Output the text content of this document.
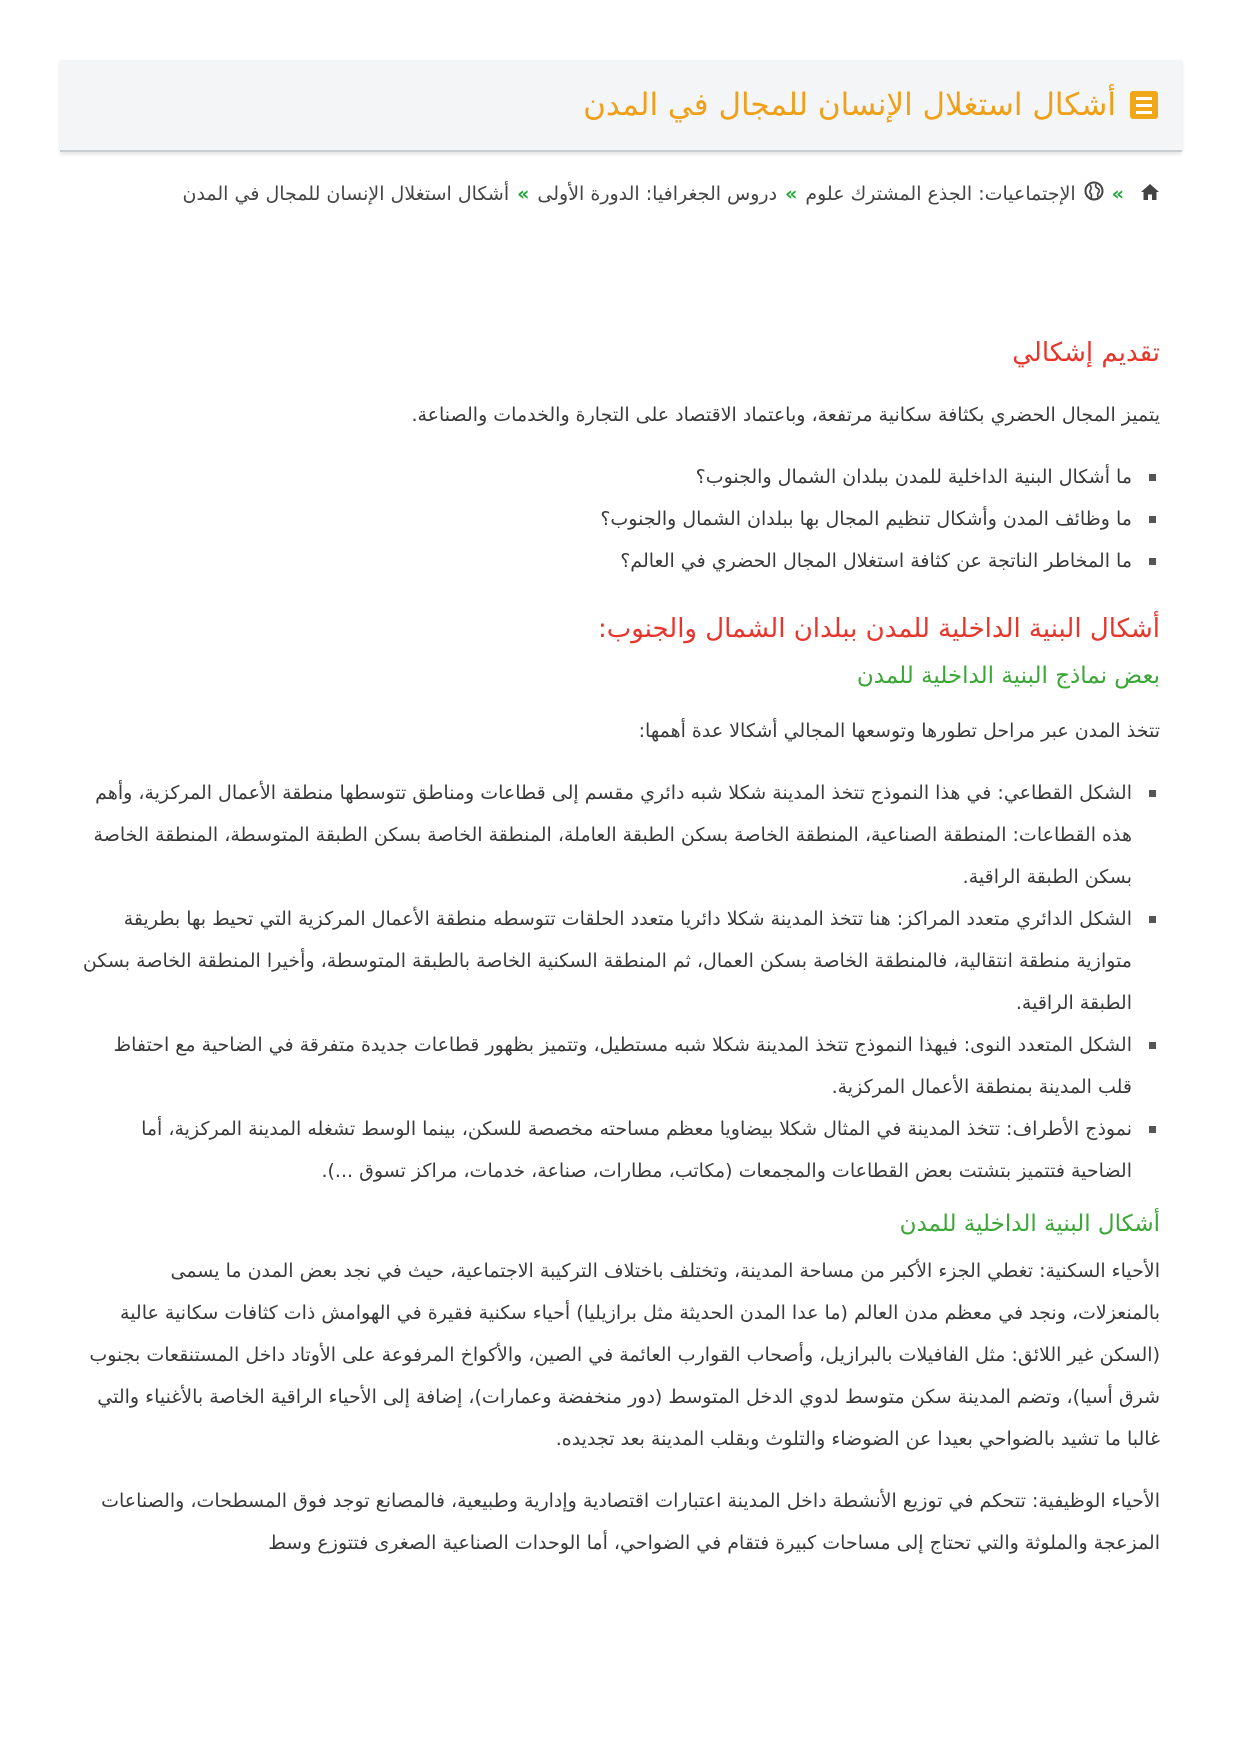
أشكال استغلال الإنسان للمجال في المدن
»الإجتماعيات: الجذع المشترك علوم»دروس الجغرافيا: الدورة الأولى»أشكال استغلال الإنسان للمجال في المدن
تقديم إشكالي

يتميز المجال الحضري بكثافة سكانية مرتفعة، وباعتماد الاقتصاد على التجارة والخدمات والصناعة.

ما أشكال البنية الداخلية للمدن ببلدان الشمال والجنوب؟
ما وظائف المدن وأشكال تنظيم المجال بها ببلدان الشمال والجنوب؟
ما المخاطر الناتجة عن كثافة استغلال المجال الحضري في العالم؟
أشكال البنية الداخلية للمدن ببلدان الشمال والجنوب:
بعض نماذج البنية الداخلية للمدن

تتخذ المدن عبر مراحل تطورها وتوسعها المجالي أشكالا عدة أهمها:

الشكل القطاعي: في هذا النموذج تتخذ المدينة شكلا شبه دائري مقسم إلى قطاعات ومناطق تتوسطها منطقة الأعمال المركزية، وأهم هذه القطاعات: المنطقة الصناعية، المنطقة الخاصة بسكن الطبقة العاملة، المنطقة الخاصة بسكن الطبقة المتوسطة، المنطقة الخاصة بسكن الطبقة الراقية.
الشكل الدائري متعدد المراكز: هنا تتخذ المدينة شكلا دائريا متعدد الحلقات تتوسطه منطقة الأعمال المركزية التي تحيط بها بطريقة متوازية منطقة انتقالية، فالمنطقة الخاصة بسكن العمال، ثم المنطقة السكنية الخاصة بالطبقة المتوسطة، وأخيرا المنطقة الخاصة بسكن الطبقة الراقية.
الشكل المتعدد النوى: فيهذا النموذج تتخذ المدينة شكلا شبه مستطيل، وتتميز بظهور قطاعات جديدة متفرقة في الضاحية مع احتفاظ قلب المدينة بمنطقة الأعمال المركزية.
نموذج الأطراف: تتخذ المدينة في المثال شكلا بيضاويا معظم مساحته مخصصة للسكن، بينما الوسط تشغله المدينة المركزية، أما الضاحية فتتميز بتشتت بعض القطاعات والمجمعات (مكاتب، مطارات، صناعة، خدمات، مراكز تسوق ...).
أشكال البنية الداخلية للمدن

الأحياء السكنية: تغطي الجزء الأكبر من مساحة المدينة، وتختلف باختلاف التركيبة الاجتماعية، حيث في نجد بعض المدن ما يسمى بالمنعزلات، ونجد في معظم مدن العالم (ما عدا المدن الحديثة مثل برازيليا) أحياء سكنية فقيرة في الهوامش ذات كثافات سكانية عالية (السكن غير اللائق: مثل الفافيلات بالبرازيل، وأصحاب القوارب العائمة في الصين، والأكواخ المرفوعة على الأوتاد داخل المستنقعات بجنوب شرق أسيا)، وتضم المدينة سكن متوسط لدوي الدخل المتوسط (دور منخفضة وعمارات)، إضافة إلى الأحياء الراقية الخاصة بالأغنياء والتي غالبا ما تشيد بالضواحي بعيدا عن الضوضاء والتلوث وبقلب المدينة بعد تجديده.

الأحياء الوظيفية: تتحكم في توزيع الأنشطة داخل المدينة اعتبارات اقتصادية وإدارية وطبيعية، فالمصانع توجد فوق المسطحات، والصناعات المزعجة والملوثة والتي تحتاج إلى مساحات كبيرة فتقام في الضواحي، أما الوحدات الصناعية الصغرى فتتوزع وسط
